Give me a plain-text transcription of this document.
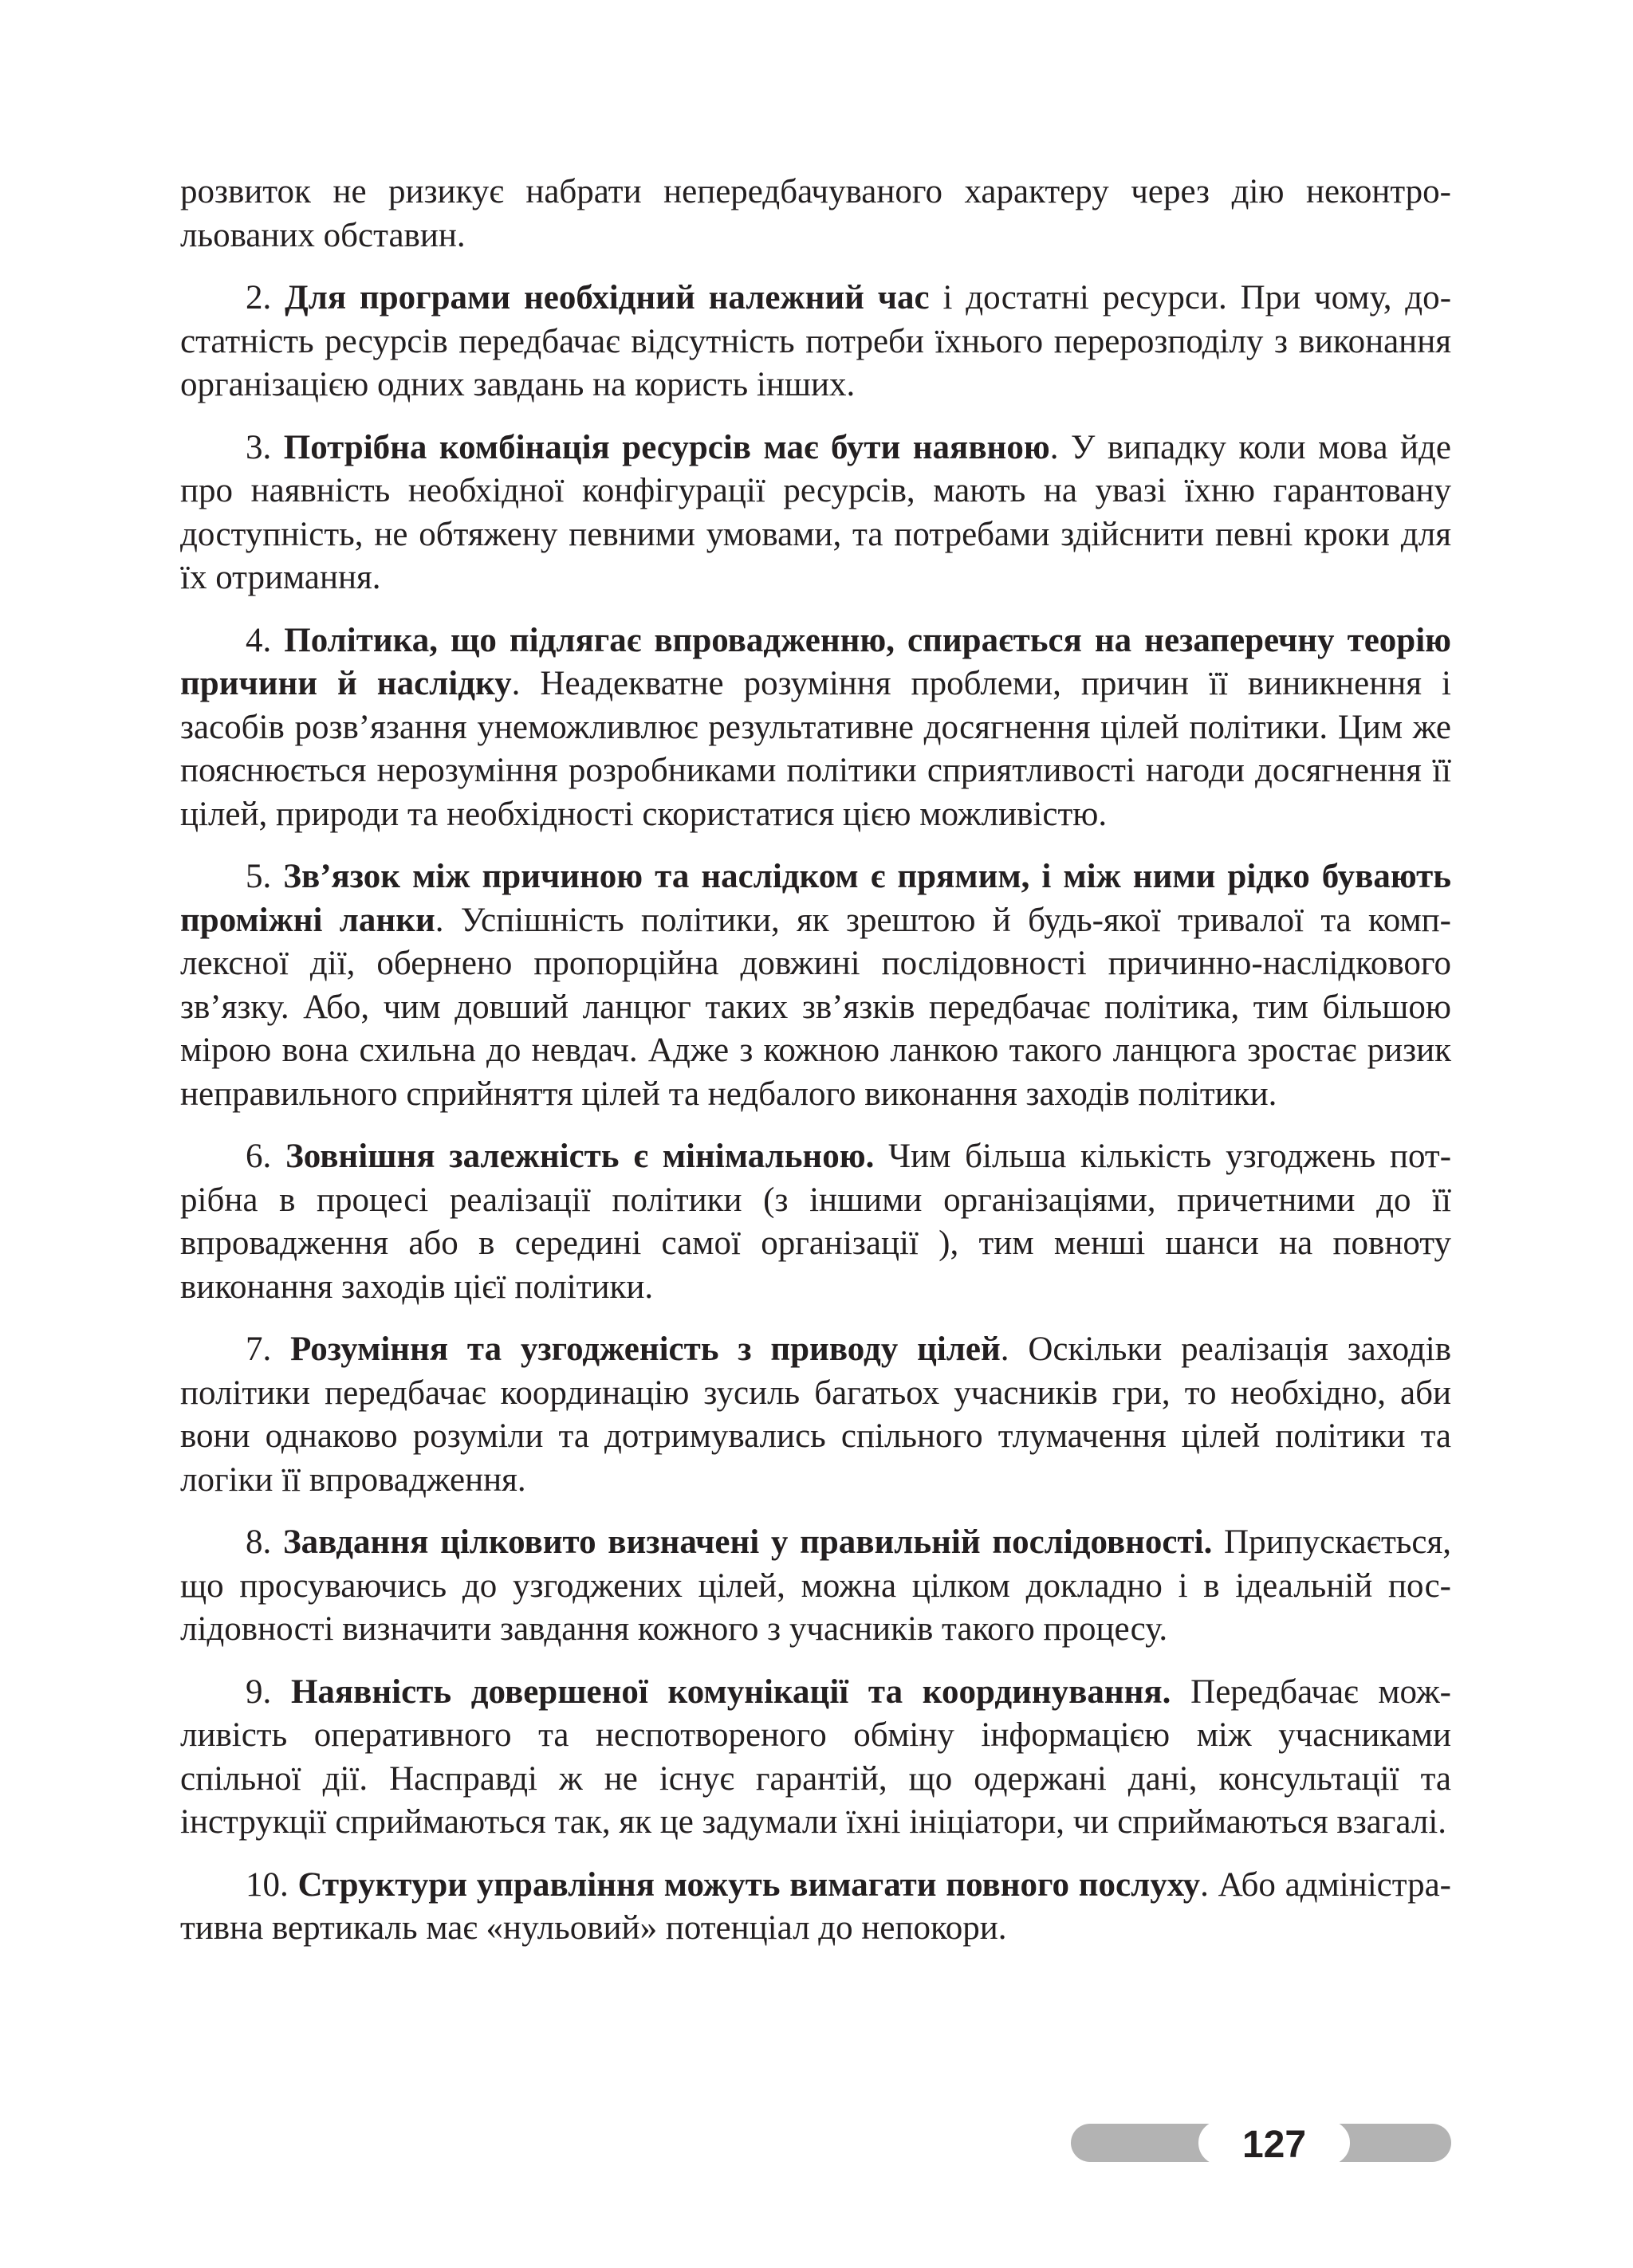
розвиток не ризикує набрати непередбачуваного характеру через дію неконтрольованих обставин.

2. Для програми необхідний належний час і достатні ресурси. При чому, достатність ресурсів передбачає відсутність потреби їхнього перерозподілу з виконання організацією одних завдань на користь інших.

3. Потрібна комбінація ресурсів має бути наявною. У випадку коли мова йде про наявність необхідної конфігурації ресурсів, мають на увазі їхню гарантовану доступність, не обтяжену певними умовами, та потребами здійснити певні кроки для їх отримання.

4. Політика, що підлягає впровадженню, спирається на незаперечну теорію причини й наслідку. Неадекватне розуміння проблеми, причин її виникнення і засобів розв’язання унеможливлює результативне досягнення цілей політики. Цим же пояснюється нерозуміння розробниками політики сприятливості нагоди досягнення її цілей, природи та необхідності скористатися цією можливістю.

5. Зв’язок між причиною та наслідком є прямим, і між ними рідко бувають проміжні ланки. Успішність політики, як зрештою й будь-якої тривалої та комплексної дії, обернено пропорційна довжині послідовності причинно-наслідкового зв’язку. Або, чим довший ланцюг таких зв’язків передбачає політика, тим більшою мірою вона схильна до невдач. Адже з кожною ланкою такого ланцюга зростає ризик неправильного сприйняття цілей та недбалого виконання заходів політики.

6. Зовнішня залежність є мінімальною. Чим більша кількість узгоджень потрібна в процесі реалізації політики (з іншими організаціями, причетними до її впровадження або в середині самої організації ), тим менші шанси на повноту виконання заходів цієї політики.

7. Розуміння та узгодженість з приводу цілей. Оскільки реалізація заходів політики передбачає координацію зусиль багатьох учасників гри, то необхідно, аби вони однаково розуміли та дотримувались спільного тлумачення цілей політики та логіки її впровадження.

8. Завдання цілковито визначені у правильній послідовності. Припускається, що просуваючись до узгоджених цілей, можна цілком докладно і в ідеальній послідовності визначити завдання кожного з учасників такого процесу.

9. Наявність довершеної комунікації та координування. Передбачає можливість оперативного та неспотвореного обміну інформацією між учасниками спільної дії. Насправді ж не існує гарантій, що одержані дані, консультації та інструкції сприймаються так, як це задумали їхні ініціатори, чи сприймаються взагалі.

10. Структури управління можуть вимагати повного послуху. Або адміністративна вертикаль має «нульовий» потенціал до непокори.

127
